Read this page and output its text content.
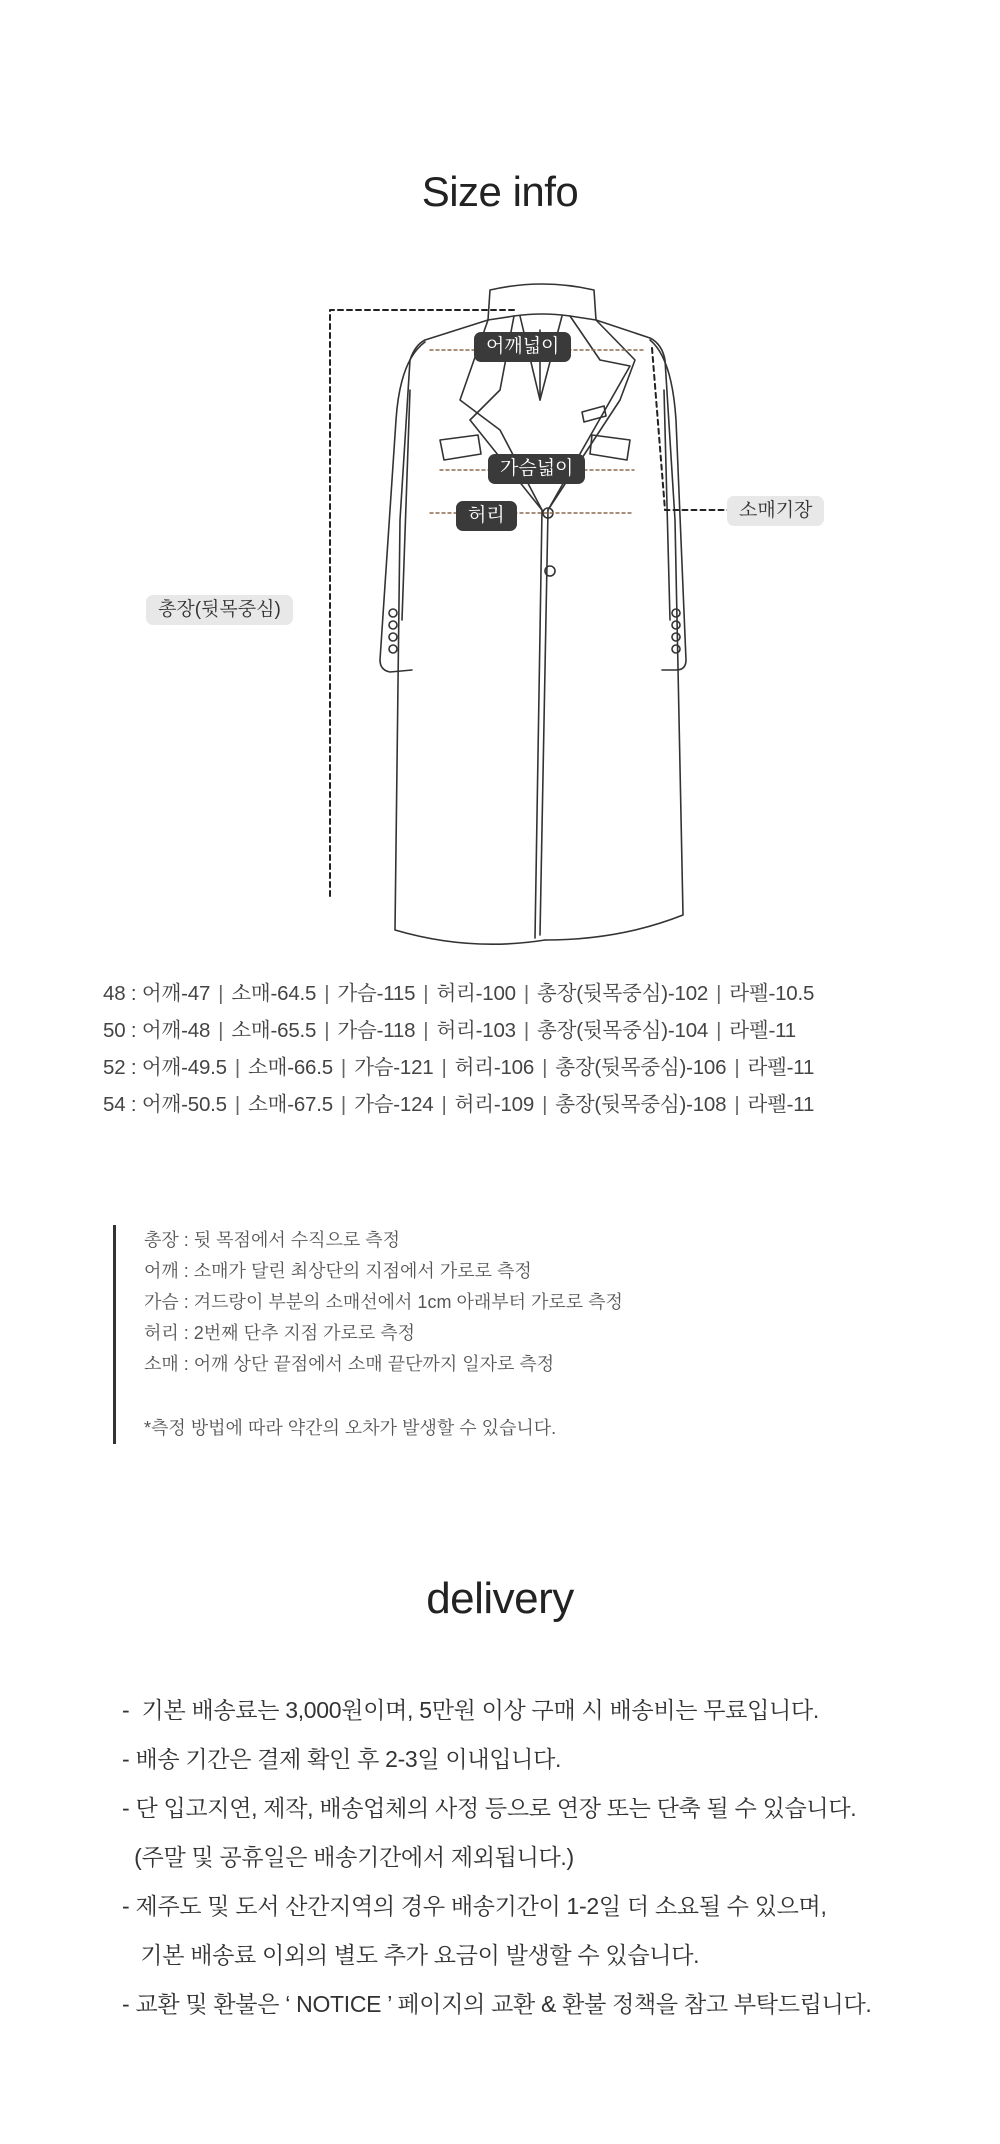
Size info
어깨넓이
가슴넓이
허리	소매기장
총장(뒷목중심)
48 : 어깨-47 | 소매-64.5 | 가슴-115 | 허리-100 | 총장(뒷목중심)-102 | 라펠-10.5
50 : 어깨-48 | 소매-65.5 | 가슴-118 | 허리-103 | 총장(뒷목중심)-104 | 라펠-11
52 : 어깨-49.5 | 소매-66.5 | 가슴-121 | 허리-106 | 총장(뒷목중심)-106 | 라펠-11
54 : 어깨-50.5 | 소매-67.5 | 가슴-124 | 허리-109 | 총장(뒷목중심)-108 | 라펠-11
총장 : 뒷 목점에서 수직으로 측정
어깨 : 소매가 달린 최상단의 지점에서 가로로 측정
가슴 : 겨드랑이 부분의 소매선에서 1cm 아래부터 가로로 측정
허리 : 2번째 단추 지점 가로로 측정
소매 : 어깨 상단 끝점에서 소매 끝단까지 일자로 측정
*측정 방법에 따라 약간의 오차가 발생할 수 있습니다.
delivery
-  기본 배송료는 3,000원이며, 5만원 이상 구매 시 배송비는 무료입니다.
- 배송 기간은 결제 확인 후 2-3일 이내입니다.
- 단 입고지연, 제작, 배송업체의 사정 등으로 연장 또는 단축 될 수 있습니다.
(주말 및 공휴일은 배송기간에서 제외됩니다.)
- 제주도 및 도서 산간지역의 경우 배송기간이 1-2일 더 소요될 수 있으며,
기본 배송료 이외의 별도 추가 요금이 발생할 수 있습니다.
- 교환 및 환불은 ‘ NOTICE ’ 페이지의 교환 & 환불 정책을 참고 부탁드립니다.
